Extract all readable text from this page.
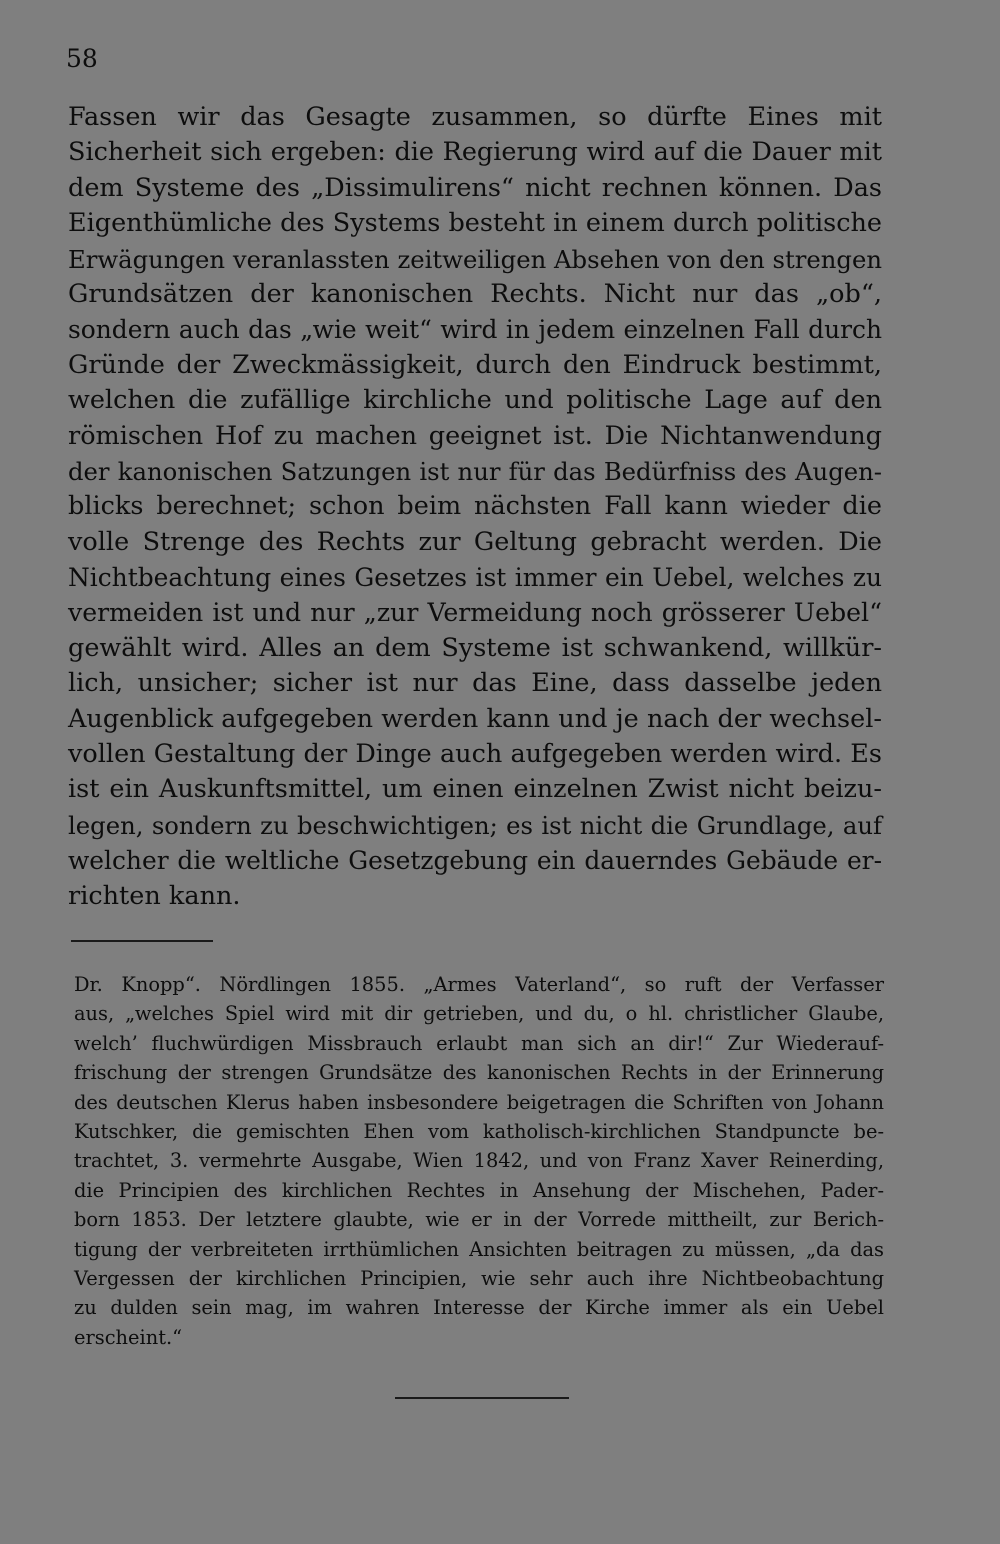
58
Fassen wir das Gesagte zusammen, so dürfte Eines mit
Sicherheit sich ergeben: die Regierung wird auf die Dauer mit
dem Systeme des „Dissimulirens“ nicht rechnen können. Das
Eigenthümliche des Systems besteht in einem durch politische
Erwägungen veranlassten zeitweiligen Absehen von den strengen
Grundsätzen der kanonischen Rechts. Nicht nur das „ob“,
sondern auch das „wie weit“ wird in jedem einzelnen Fall durch
Gründe der Zweckmässigkeit, durch den Eindruck bestimmt,
welchen die zufällige kirchliche und politische Lage auf den
römischen Hof zu machen geeignet ist. Die Nichtanwendung
der kanonischen Satzungen ist nur für das Bedürfniss des Augen-
blicks berechnet; schon beim nächsten Fall kann wieder die
volle Strenge des Rechts zur Geltung gebracht werden. Die
Nichtbeachtung eines Gesetzes ist immer ein Uebel, welches zu
vermeiden ist und nur „zur Vermeidung noch grösserer Uebel“
gewählt wird. Alles an dem Systeme ist schwankend, willkür-
lich, unsicher; sicher ist nur das Eine, dass dasselbe jeden
Augenblick aufgegeben werden kann und je nach der wechsel-
vollen Gestaltung der Dinge auch aufgegeben werden wird. Es
ist ein Auskunftsmittel, um einen einzelnen Zwist nicht beizu-
legen, sondern zu beschwichtigen; es ist nicht die Grundlage, auf
welcher die weltliche Gesetzgebung ein dauerndes Gebäude er-
richten kann.
Dr. Knopp“. Nördlingen 1855. „Armes Vaterland“, so ruft der Verfasser
aus, „welches Spiel wird mit dir getrieben, und du, o hl. christlicher Glaube,
welch’ fluchwürdigen Missbrauch erlaubt man sich an dir!“ Zur Wiederauf-
frischung der strengen Grundsätze des kanonischen Rechts in der Erinnerung
des deutschen Klerus haben insbesondere beigetragen die Schriften von Johann
Kutschker, die gemischten Ehen vom katholisch-kirchlichen Standpuncte be-
trachtet, 3. vermehrte Ausgabe, Wien 1842, und von Franz Xaver Reinerding,
die Principien des kirchlichen Rechtes in Ansehung der Mischehen, Pader-
born 1853. Der letztere glaubte, wie er in der Vorrede mittheilt, zur Berich-
tigung der verbreiteten irrthümlichen Ansichten beitragen zu müssen, „da das
Vergessen der kirchlichen Principien, wie sehr auch ihre Nichtbeobachtung
zu dulden sein mag, im wahren Interesse der Kirche immer als ein Uebel
erscheint.“
